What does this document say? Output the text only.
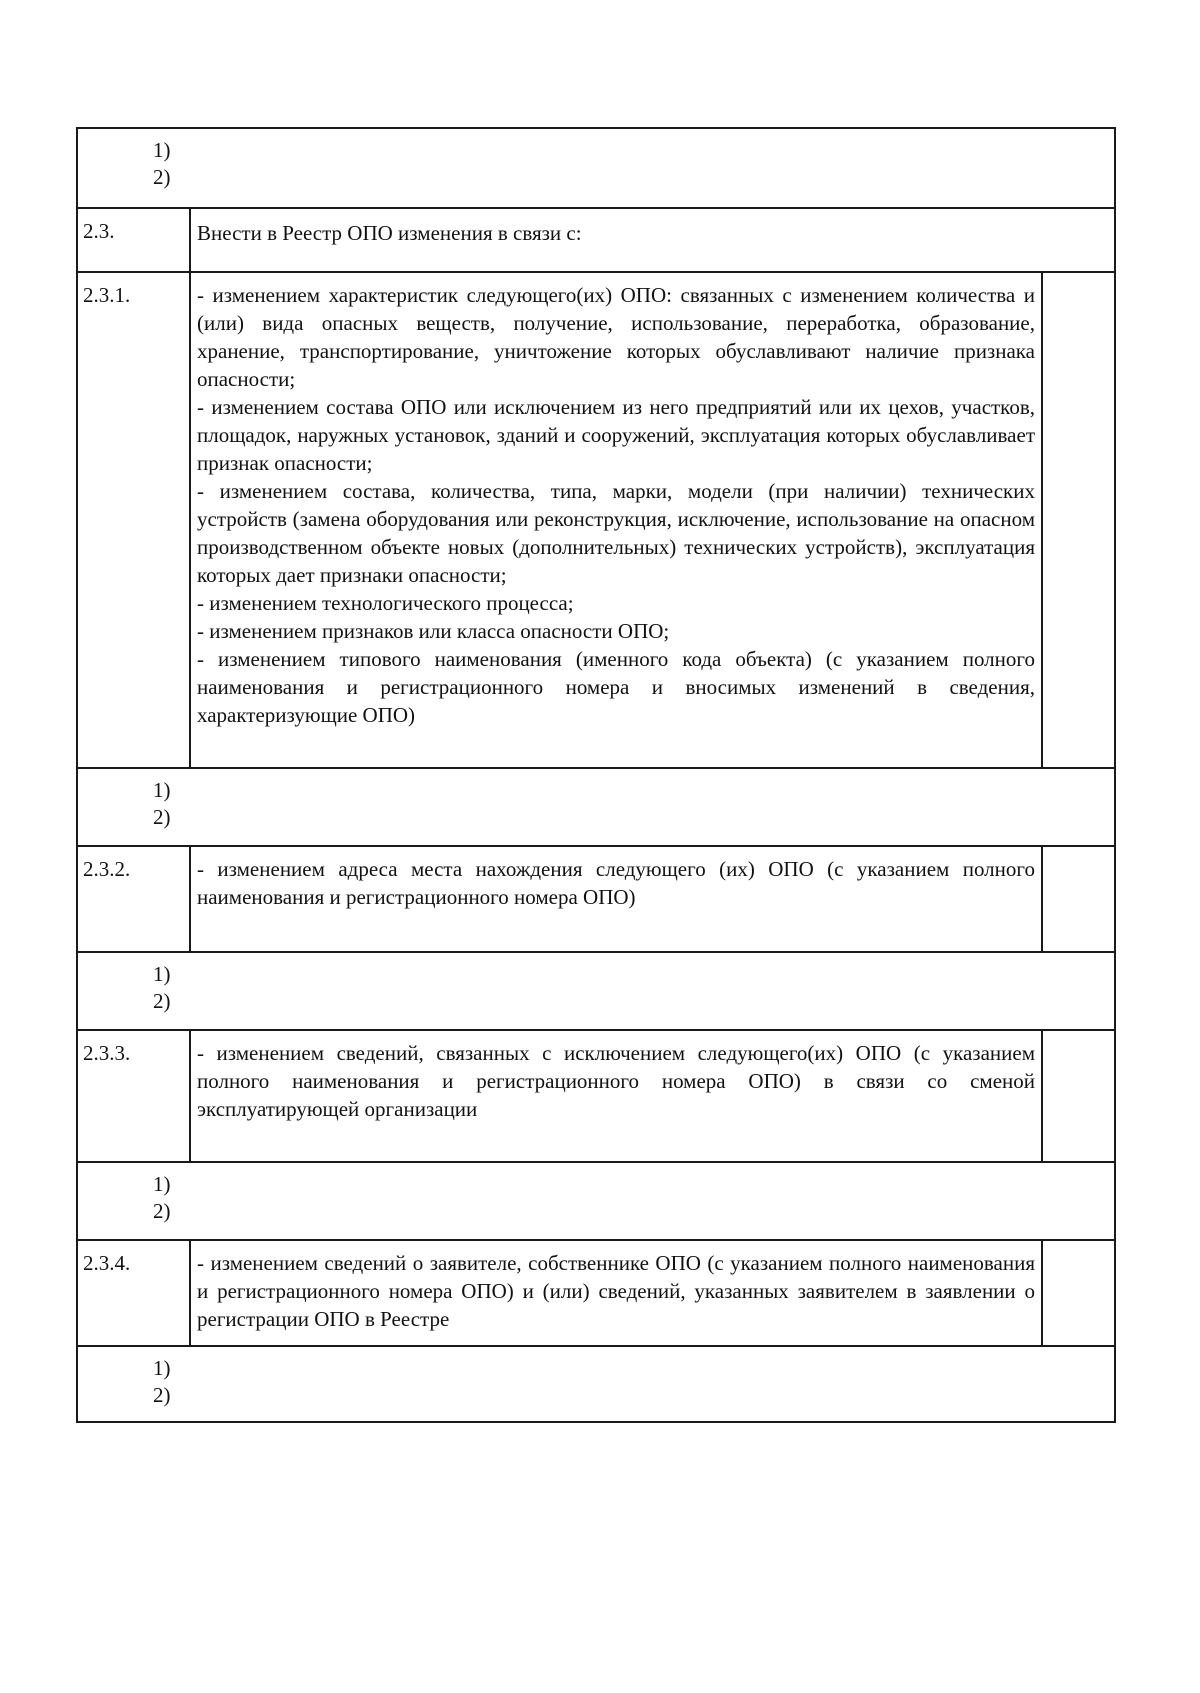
1)
2)
2.3.	Внести в Реестр ОПО изменения в связи с:
2.3.1.	- изменением характеристик следующего(их) ОПО: связанных с изменением количества и (или) вида опасных веществ, получение, использование, переработка, образование, хранение, транспортирование, уничтожение которых обуславливают наличие признака опасности;
- изменением состава ОПО или исключением из него предприятий или их цехов, участков, площадок, наружных установок, зданий и сооружений, эксплуатация которых обуславливает признак опасности;
- изменением состава, количества, типа, марки, модели (при наличии) технических устройств (замена оборудования или реконструкция, исключение, использование на опасном производственном объекте новых (дополнительных) технических устройств), эксплуатация которых дает признаки опасности;
- изменением технологического процесса;
- изменением признаков или класса опасности ОПО;
- изменением типового наименования (именного кода объекта) (с указанием полного наименования и регистрационного номера и вносимых изменений в сведения, характеризующие ОПО)
1)
2)
2.3.2.	- изменением адреса места нахождения следующего (их) ОПО (с указанием полного наименования и регистрационного номера ОПО)
1)
2)
2.3.3.	- изменением сведений, связанных с исключением следующего(их) ОПО (с указанием полного наименования и регистрационного номера ОПО) в связи со сменой эксплуатирующей организации
1)
2)
2.3.4.	- изменением сведений о заявителе, собственнике ОПО (с указанием полного наименования и регистрационного номера ОПО) и (или) сведений, указанных заявителем в заявлении о регистрации ОПО в Реестре
1)
2)
